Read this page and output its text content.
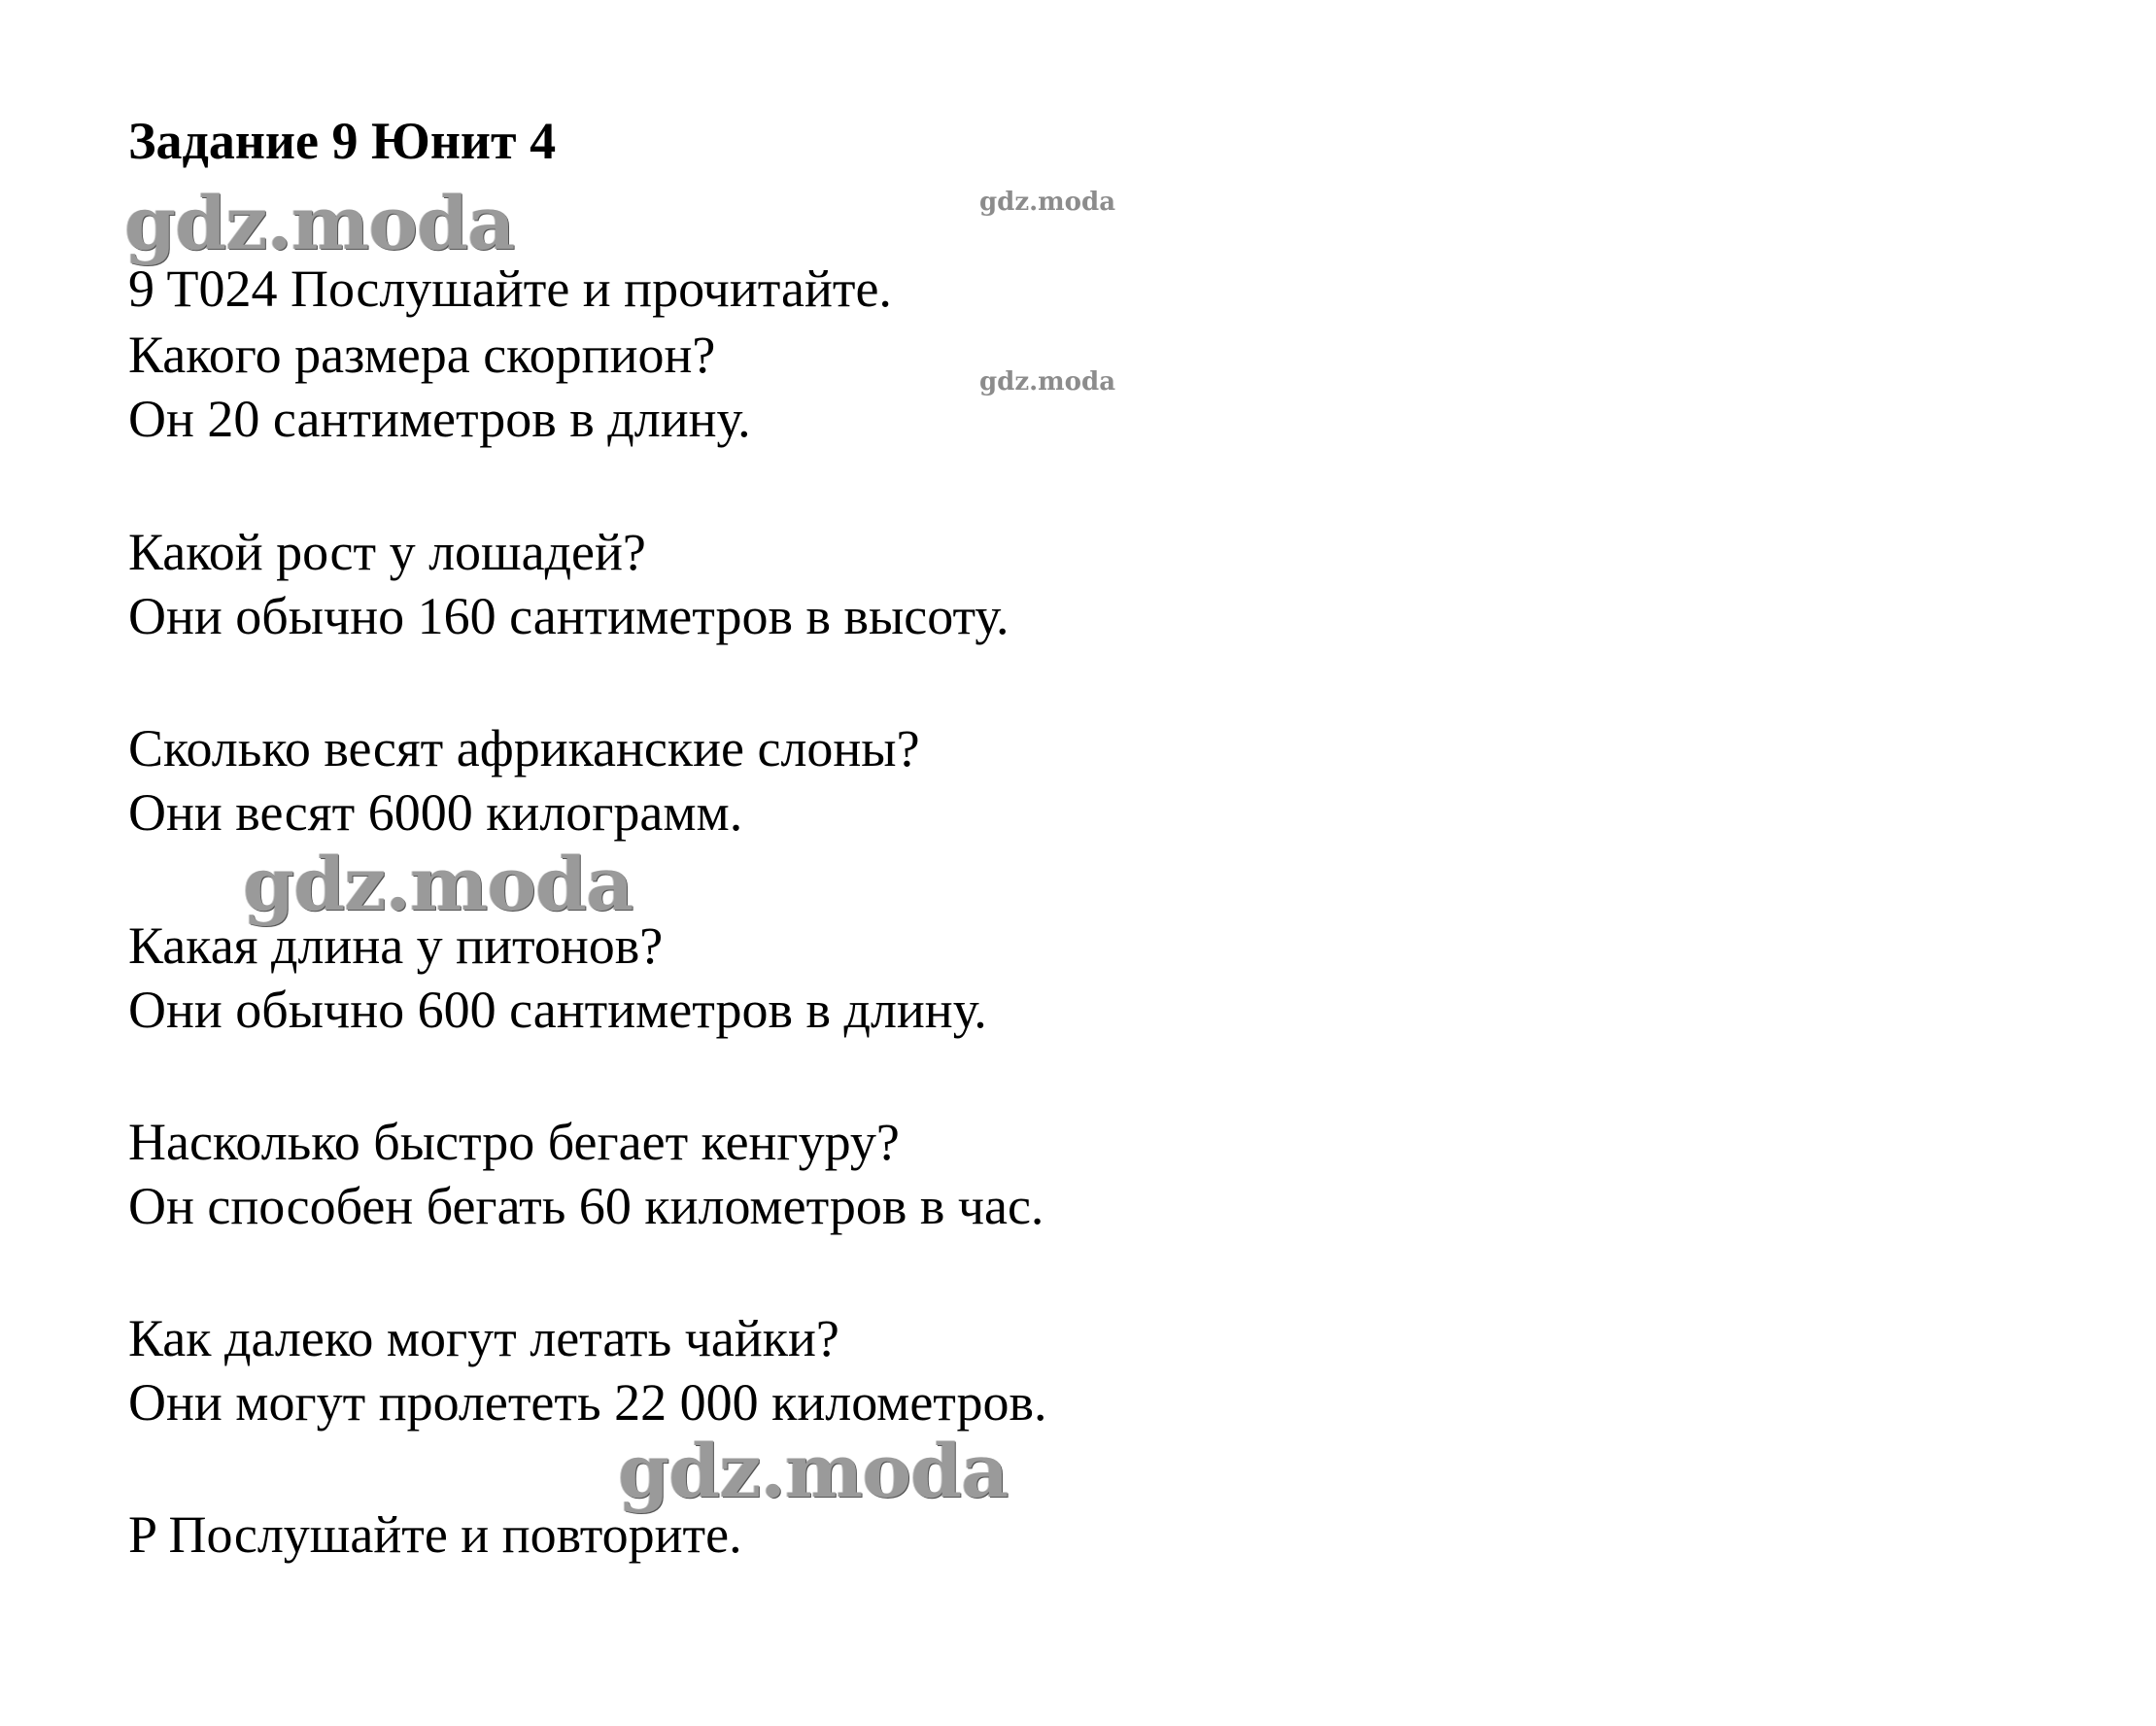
Задание 9 Юнит 4
gdz.moda	gdz.moda
9 T024 Послушайте и прочитайте.
Какого размера скорпион?	gdz.moda
Он 20 сантиметров в длину.
Какой рост у лошадей?
Они обычно 160 сантиметров в высоту.
Сколько весят африканские слоны?
Они весят 6000 килограмм.
gdz.moda
Какая длина у питонов?
Они обычно 600 сантиметров в длину.
Насколько быстро бегает кенгуру?
Он способен бегать 60 километров в час.
Как далеко могут летать чайки?
Они могут пролететь 22 000 километров.
gdz.moda
P Послушайте и повторите.
